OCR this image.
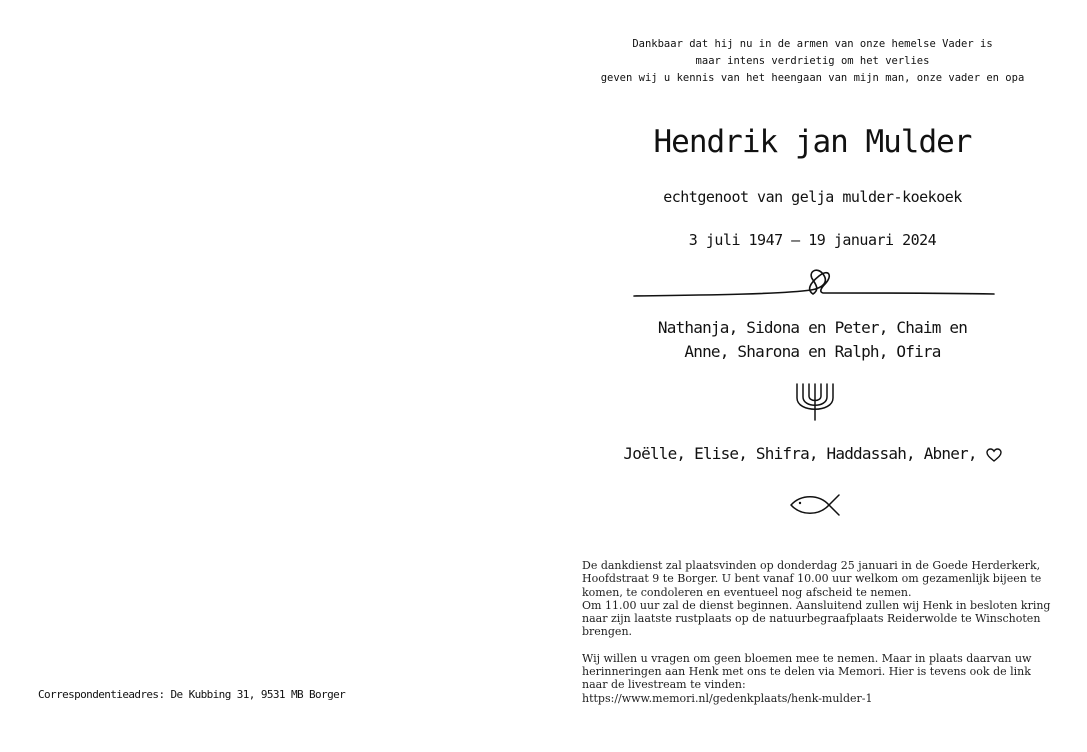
Dankbaar dat hij nu in de armen van onze hemelse Vader is
maar intens verdrietig om het verlies
geven wij u kennis van het heengaan van mijn man, onze vader en opa
Hendrik jan Mulder
echtgenoot van gelja mulder-koekoek
3 juli 1947 — 19 januari 2024
Nathanja, Sidona en Peter, Chaim en
Anne, Sharona en Ralph, Ofira
Joëlle, Elise, Shifra, Haddassah, Abner,

De dankdienst zal plaatsvinden op donderdag 25 januari in de Goede Herderkerk,

Hoofdstraat 9 te Borger. U bent vanaf 10.00 uur welkom om gezamenlijk bijeen te

komen, te condoleren en eventueel nog afscheid te nemen.

Om 11.00 uur zal de dienst beginnen. Aansluitend zullen wij Henk in besloten kring

naar zijn laatste rustplaats op de natuurbegraafplaats Reiderwolde te Winschoten

brengen.

Wij willen u vragen om geen bloemen mee te nemen. Maar in plaats daarvan uw

herinneringen aan Henk met ons te delen via Memori. Hier is tevens ook de link

naar de livestream te vinden:

https://www.memori.nl/gedenkplaats/henk-mulder-1

Correspondentieadres: De Kubbing 31, 9531 MB Borger
